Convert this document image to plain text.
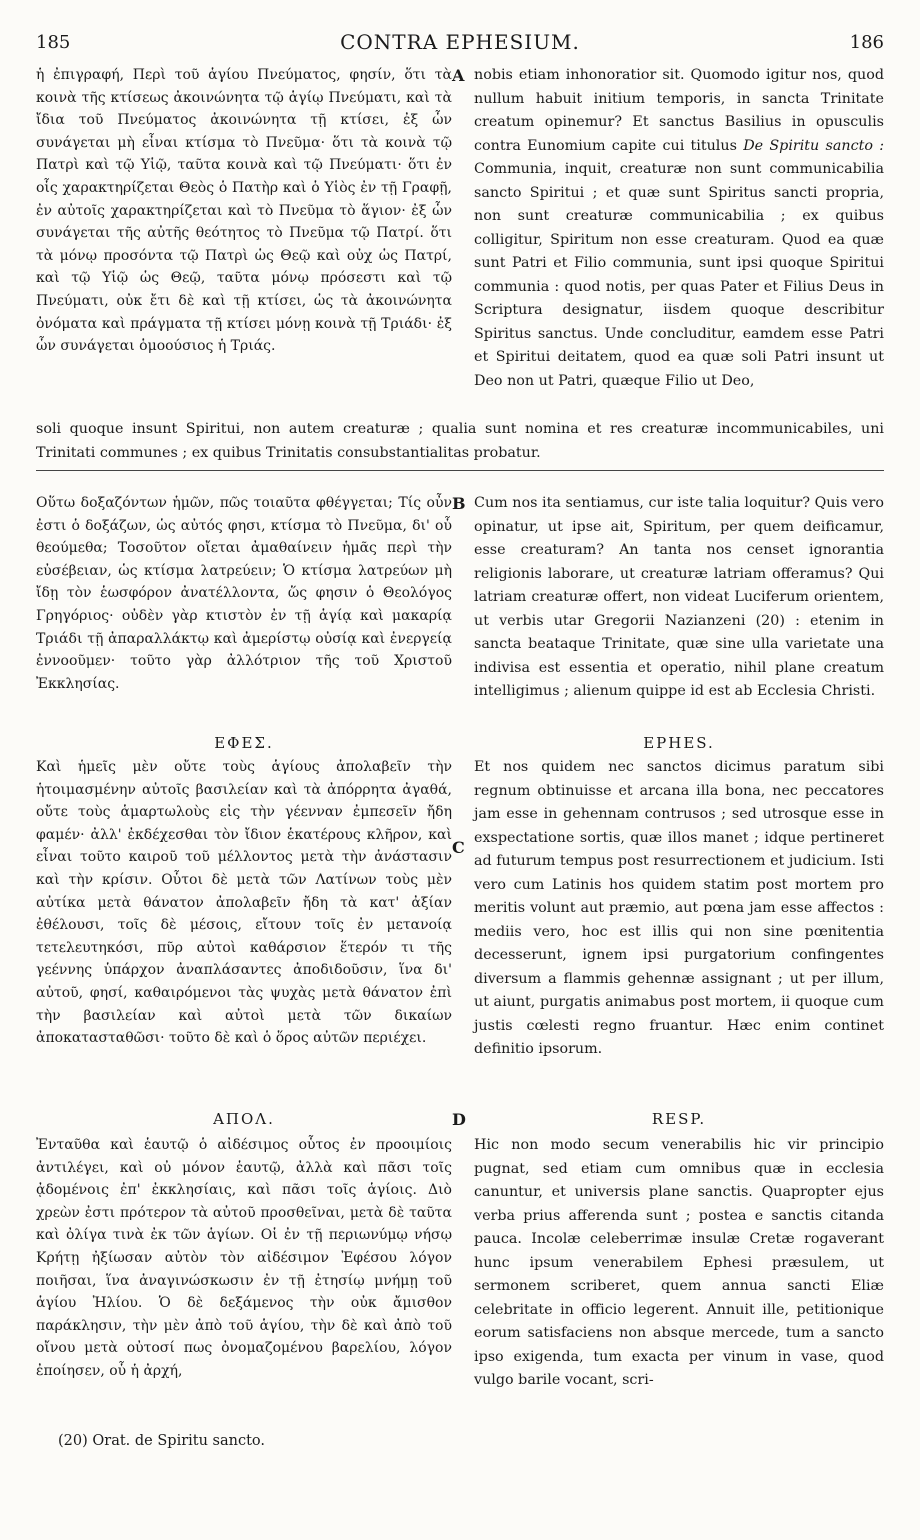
185	CONTRA EPHESIUM.	186

ἡ ἐπιγραφή, Περὶ τοῦ ἁγίου Πνεύματος, φησίν, ὅτι τὰ κοινὰ τῆς κτίσεως ἀκοινώνητα τῷ ἁγίῳ Πνεύματι, καὶ τὰ ἴδια τοῦ Πνεύματος ἀκοινώνητα τῇ κτίσει, ἐξ ὧν συνάγεται μὴ εἶναι κτίσμα τὸ Πνεῦμα· ὅτι τὰ κοινὰ τῷ Πατρὶ καὶ τῷ Υἱῷ, ταῦτα κοινὰ καὶ τῷ Πνεύματι· ὅτι ἐν οἷς χαρακτηρίζεται Θεὸς ὁ Πατὴρ καὶ ὁ Υἱὸς ἐν τῇ Γραφῇ, ἐν αὐτοῖς χαρακτηρίζεται καὶ τὸ Πνεῦμα τὸ ἅγιον· ἐξ ὧν συνάγεται τῆς αὐτῆς θεότητος τὸ Πνεῦμα τῷ Πατρί. ὅτι τὰ μόνῳ προσόντα τῷ Πατρὶ ὡς Θεῷ καὶ οὐχ ὡς Πατρί, καὶ τῷ Υἱῷ ὡς Θεῷ, ταῦτα μόνῳ πρόσεστι καὶ τῷ Πνεύματι, οὐκ ἔτι δὲ καὶ τῇ κτίσει, ὡς τὰ ἀκοινώνητα ὀνόματα καὶ πράγματα τῇ κτίσει μόνῃ κοινὰ τῇ Τριάδι· ἐξ ὧν συνάγεται ὁμοούσιος ἡ Τριάς.

A nobis etiam inhonoratior sit. Quomodo igitur nos, quod nullum habuit initium temporis, in sancta Trinitate creatum opinemur? Et sanctus Basilius in opusculis contra Eunomium capite cui titulus De Spiritu sancto : Communia, inquit, creaturæ non sunt communicabilia sancto Spiritui ; et quæ sunt Spiritus sancti propria, non sunt creaturæ communicabilia ; ex quibus colligitur, Spiritum non esse creaturam. Quod ea quæ sunt Patri et Filio communia, sunt ipsi quoque Spiritui communia : quod notis, per quas Pater et Filius Deus in Scriptura designatur, iisdem quoque describitur Spiritus sanctus. Unde concluditur, eamdem esse Patri et Spiritui deitatem, quod ea quæ soli Patri insunt ut Deo non ut Patri, quæque Filio ut Deo,

soli quoque insunt Spiritui, non autem creaturæ ; qualia sunt nomina et res creaturæ incommunicabiles, uni Trinitati communes ; ex quibus Trinitatis consubstantialitas probatur.

Οὕτω δοξαζόντων ἡμῶν, πῶς τοιαῦτα φθέγγεται; Τίς οὖν ἐστι ὁ δοξάζων, ὡς αὐτός φησι, κτίσμα τὸ Πνεῦμα, δι' οὗ θεούμεθα; Τοσοῦτον οἴεται ἀμαθαίνειν ἡμᾶς περὶ τὴν εὐσέβειαν, ὡς κτίσμα λατρεύειν; Ὁ κτίσμα λατρεύων μὴ ἴδῃ τὸν ἑωσφόρον ἀνατέλλοντα, ὥς φησιν ὁ Θεολόγος Γρηγόριος· οὐδὲν γὰρ κτιστὸν ἐν τῇ ἁγίᾳ καὶ μακαρίᾳ Τριάδι τῇ ἀπαραλλάκτῳ καὶ ἀμερίστῳ οὐσίᾳ καὶ ἐνεργείᾳ ἐννοοῦμεν· τοῦτο γὰρ ἀλλότριον τῆς τοῦ Χριστοῦ Ἐκκλησίας.

B Cum nos ita sentiamus, cur iste talia loquitur? Quis vero opinatur, ut ipse ait, Spiritum, per quem deificamur, esse creaturam? An tanta nos censet ignorantia religionis laborare, ut creaturæ latriam offeramus? Qui latriam creaturæ offert, non videat Luciferum orientem, ut verbis utar Gregorii Nazianzeni (20) : etenim in sancta beataque Trinitate, quæ sine ulla varietate una indivisa est essentia et operatio, nihil plane creatum intelligimus ; alienum quippe id est ab Ecclesia Christi.

ΕΦΕΣ.	EPHES.

Καὶ ἡμεῖς μὲν οὔτε τοὺς ἁγίους ἀπολαβεῖν τὴν ἡτοιμασμένην αὐτοῖς βασιλείαν καὶ τὰ ἀπόρρητα ἀγαθά, οὔτε τοὺς ἁμαρτωλοὺς εἰς τὴν γέενναν ἐμπεσεῖν ἤδη φαμέν· ἀλλ' ἐκδέχεσθαι τὸν ἴδιον ἑκατέρους κλῆρον, καὶ εἶναι τοῦτο καιροῦ τοῦ μέλλοντος μετὰ τὴν ἀνάστασιν καὶ τὴν κρίσιν. Οὗτοι δὲ μετὰ τῶν Λατίνων τοὺς μὲν αὐτίκα μετὰ θάνατον ἀπολαβεῖν ἤδη τὰ κατ' ἀξίαν ἐθέλουσι, τοῖς δὲ μέσοις, εἴτουν τοῖς ἐν μετανοίᾳ τετελευτηκόσι, πῦρ αὐτοὶ καθάρσιον ἕτερόν τι τῆς γεέννης ὑπάρχον ἀναπλάσαντες ἀποδιδοῦσιν, ἵνα δι' αὐτοῦ, φησί, καθαιρόμενοι τὰς ψυχὰς μετὰ θάνατον ἐπὶ τὴν βασιλείαν καὶ αὐτοὶ μετὰ τῶν δικαίων ἀποκατασταθῶσι· τοῦτο δὲ καὶ ὁ ὅρος αὐτῶν περιέχει.

C

Et nos quidem nec sanctos dicimus paratum sibi regnum obtinuisse et arcana illa bona, nec peccatores jam esse in gehennam contrusos ; sed utrosque esse in exspectatione sortis, quæ illos manet ; idque pertineret ad futurum tempus post resurrectionem et judicium. Isti vero cum Latinis hos quidem statim post mortem pro meritis volunt aut præmio, aut pœna jam esse affectos : mediis vero, hoc est illis qui non sine pœnitentia decesserunt, ignem ipsi purgatorium confingentes diversum a flammis gehennæ assignant ; ut per illum, ut aiunt, purgatis animabus post mortem, ii quoque cum justis cœlesti regno fruantur. Hæc enim continet definitio ipsorum.

ΑΠΟΛ.	D	RESP.

Ἐνταῦθα καὶ ἑαυτῷ ὁ αἰδέσιμος οὗτος ἐν προοιμίοις ἀντιλέγει, καὶ οὐ μόνον ἑαυτῷ, ἀλλὰ καὶ πᾶσι τοῖς ᾀδομένοις ἐπ' ἐκκλησίαις, καὶ πᾶσι τοῖς ἁγίοις. Διὸ χρεὼν ἐστι πρότερον τὰ αὐτοῦ προσθεῖναι, μετὰ δὲ ταῦτα καὶ ὀλίγα τινὰ ἐκ τῶν ἁγίων. Οἱ ἐν τῇ περιωνύμῳ νήσῳ Κρήτῃ ἠξίωσαν αὐτὸν τὸν αἰδέσιμον Ἐφέσου λόγον ποιῆσαι, ἵνα ἀναγινώσκωσιν ἐν τῇ ἐτησίῳ μνήμῃ τοῦ ἁγίου Ἠλίου. Ὁ δὲ δεξάμενος τὴν οὐκ ἄμισθον παράκλησιν, τὴν μὲν ἀπὸ τοῦ ἁγίου, τὴν δὲ καὶ ἀπὸ τοῦ οἴνου μετὰ οὐτοσί πως ὀνομαζομένου βαρελίου, λόγον ἐποίησεν, οὗ ἡ ἀρχή,

Hic non modo secum venerabilis hic vir principio pugnat, sed etiam cum omnibus quæ in ecclesia canuntur, et universis plane sanctis. Quapropter ejus verba prius afferenda sunt ; postea e sanctis citanda pauca. Incolæ celeberrimæ insulæ Cretæ rogaverant hunc ipsum venerabilem Ephesi præsulem, ut sermonem scriberet, quem annua sancti Eliæ celebritate in officio legerent. Annuit ille, petitionique eorum satisfaciens non absque mercede, tum a sancto ipso exigenda, tum exacta per vinum in vase, quod vulgo barile vocant, scri-

(20) Orat. de Spiritu sancto.
